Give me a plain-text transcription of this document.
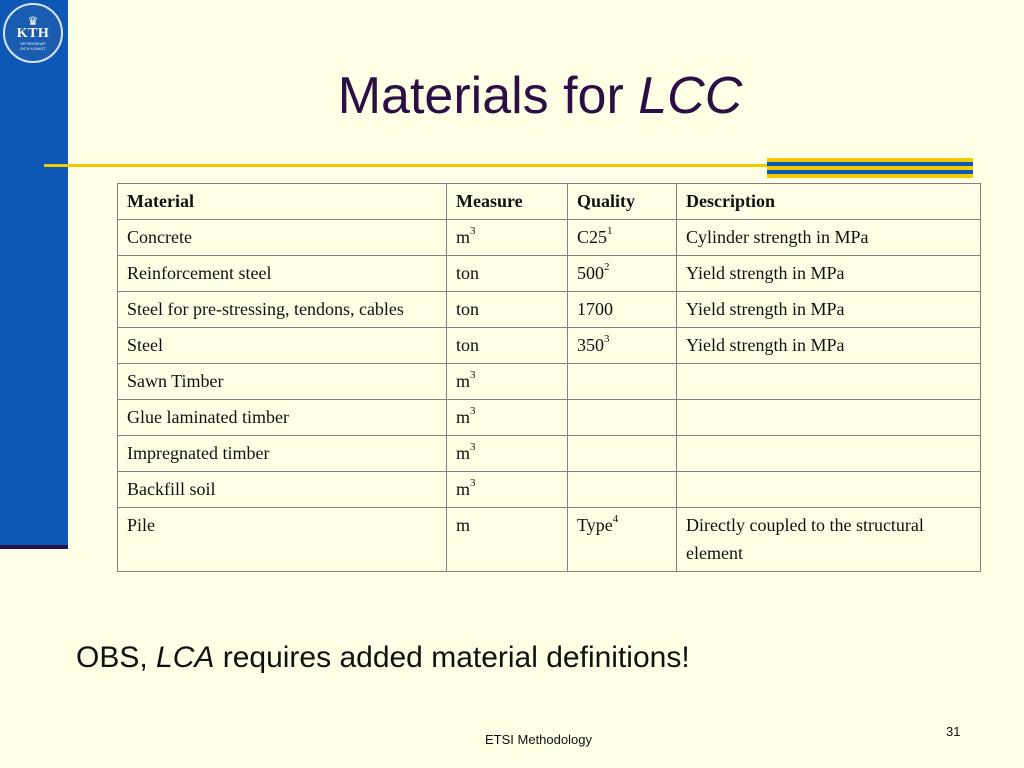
♛
KTH
VETENSKAP
OCH KONST
Materials for LCC
Material	Measure	Quality	Description
Concrete	$m^3$	$C25^1$	Cylinder strength in MPa
Reinforcement steel	ton	$500^2$	Yield strength in MPa
Steel for pre-stressing, tendons, cables	ton	1700	Yield strength in MPa
Steel	ton	$350^3$	Yield strength in MPa
Sawn Timber	$m^3$		
Glue laminated timber	$m^3$		
Impregnated timber	$m^3$		
Backfill soil	$m^3$		
Pile	m	Type$^4$	Directly coupled to the structural element
OBS, LCA requires added material definitions!
ETSI Methodology
31
